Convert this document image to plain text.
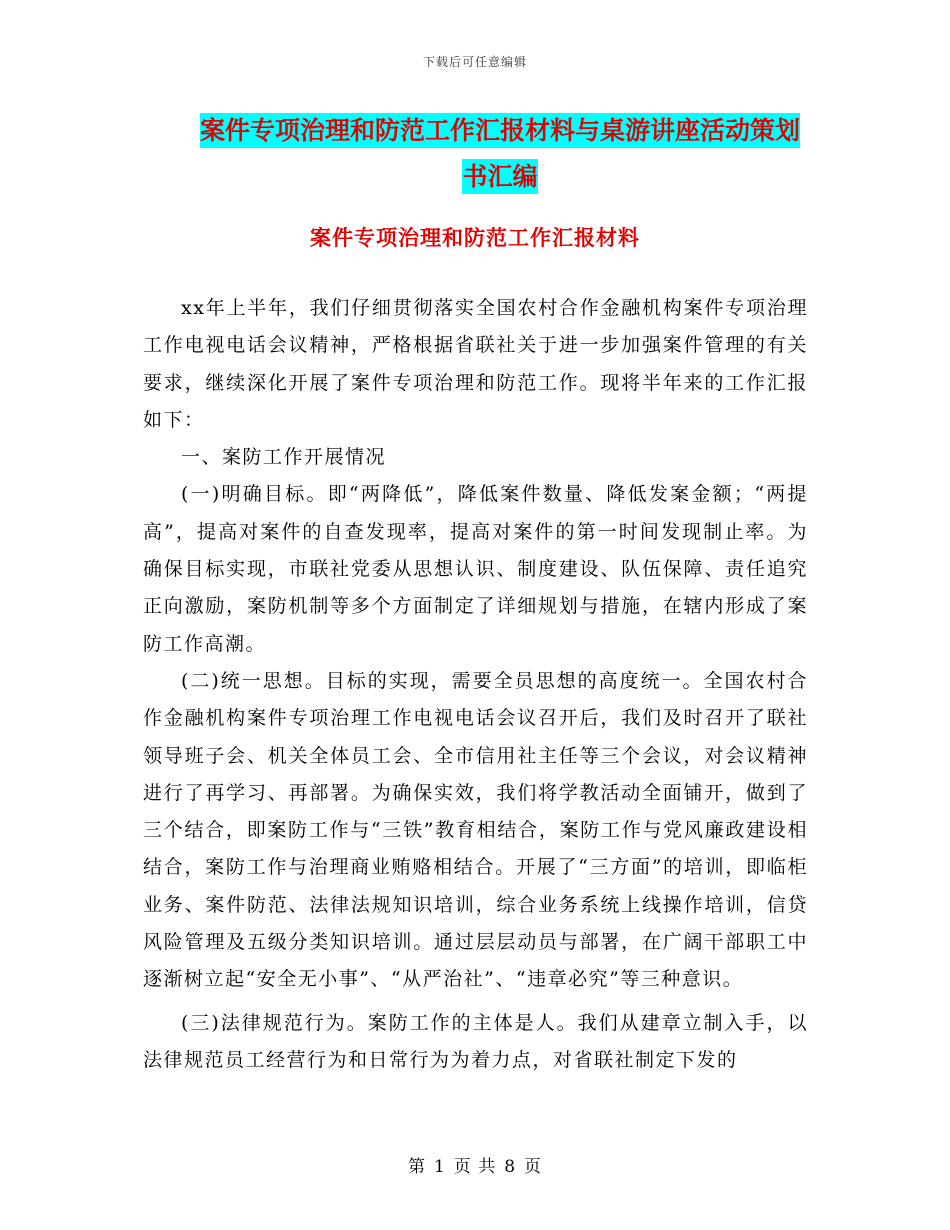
下载后可任意编辑
案件专项治理和防范工作汇报材料与桌游讲座活动策划书汇编
案件专项治理和防范工作汇报材料

xx年上半年，我们仔细贯彻落实全国农村合作金融机构案件专项治理工作电视电话会议精神，严格根据省联社关于进一步加强案件管理的有关要求，继续深化开展了案件专项治理和防范工作。现将半年来的工作汇报如下：

一、案防工作开展情况

(一)明确目标。即“两降低”，降低案件数量、降低发案金额；“两提高”，提高对案件的自查发现率，提高对案件的第一时间发现制止率。为确保目标实现，市联社党委从思想认识、制度建设、队伍保障、责任追究正向激励，案防机制等多个方面制定了详细规划与措施，在辖内形成了案防工作高潮。

(二)统一思想。目标的实现，需要全员思想的高度统一。全国农村合作金融机构案件专项治理工作电视电话会议召开后，我们及时召开了联社领导班子会、机关全体员工会、全市信用社主任等三个会议，对会议精神进行了再学习、再部署。为确保实效，我们将学教活动全面铺开，做到了三个结合，即案防工作与“三铁”教育相结合，案防工作与党风廉政建设相结合，案防工作与治理商业贿赂相结合。开展了“三方面”的培训，即临柜业务、案件防范、法律法规知识培训，综合业务系统上线操作培训，信贷风险管理及五级分类知识培训。通过层层动员与部署，在广阔干部职工中逐渐树立起“安全无小事”、“从严治社”、“违章必究”等三种意识。

(三)法律规范行为。案防工作的主体是人。我们从建章立制入手，以法律规范员工经营行为和日常行为为着力点，对省联社制定下发的

第 1 页 共 8 页
